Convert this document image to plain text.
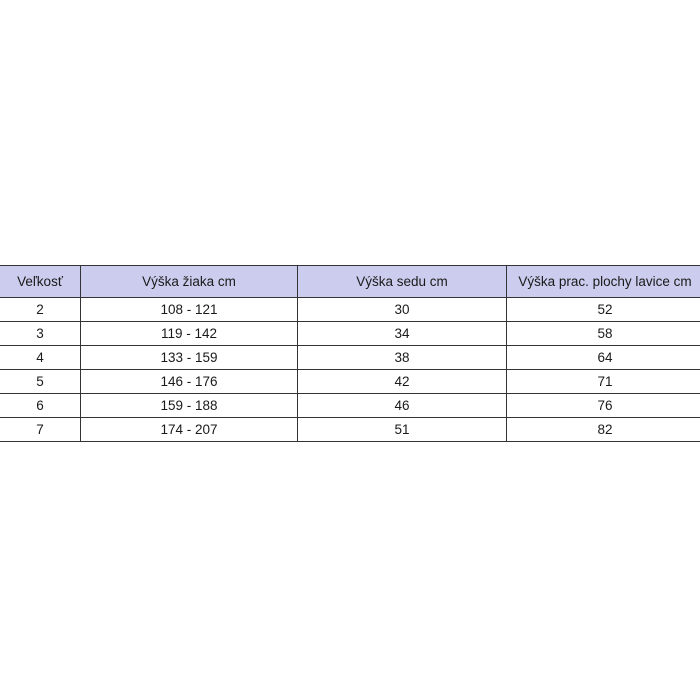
Veľkosť	Výška žiaka cm	Výška sedu cm	Výška prac. plochy lavice cm
2	108 - 121	30	52
3	119 - 142	34	58
4	133 - 159	38	64
5	146 - 176	42	71
6	159 - 188	46	76
7	174 - 207	51	82
